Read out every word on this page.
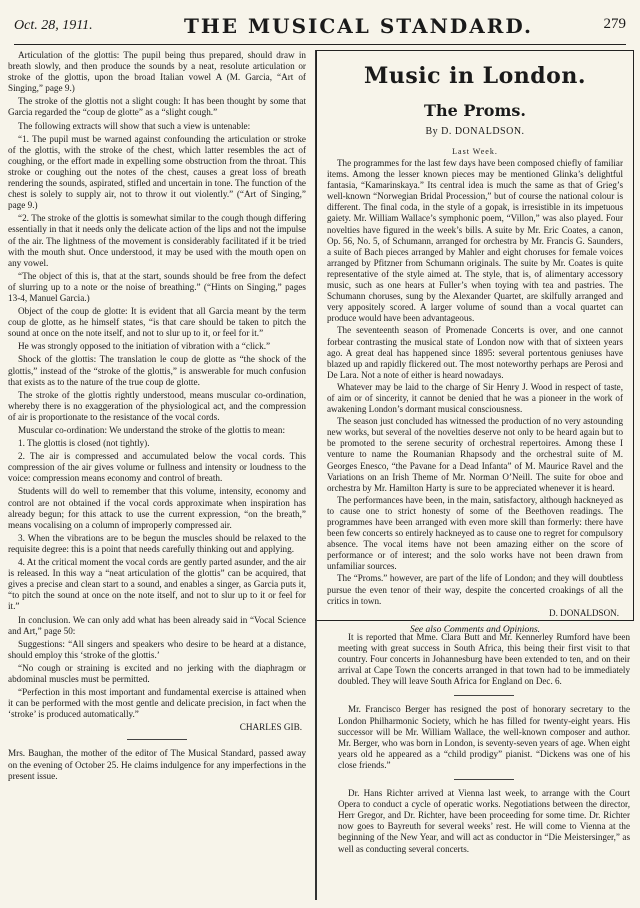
Oct. 28, 1911.	THE MUSICAL STANDARD.	279

Articulation of the glottis: The pupil being thus prepared, should draw in breath slowly, and then produce the sounds by a neat, resolute articulation or stroke of the glottis, upon the broad Italian vowel A (M. Garcia, “Art of Singing,” page 9.)

The stroke of the glottis not a slight cough: It has been thought by some that Garcia regarded the “coup de glotte” as a “slight cough.”

The following extracts will show that such a view is untenable:

“1. The pupil must be warned against confounding the articulation or stroke of the glottis, with the stroke of the chest, which latter resembles the act of coughing, or the effort made in expelling some obstruction from the throat. This stroke or coughing out the notes of the chest, causes a great loss of breath rendering the sounds, aspirated, stifled and uncertain in tone. The function of the chest is solely to supply air, not to throw it out violently.” (“Art of Singing,” page 9.)

“2. The stroke of the glottis is somewhat similar to the cough though differing essentially in that it needs only the delicate action of the lips and not the impulse of the air. The lightness of the movement is considerably facilitated if it be tried with the mouth shut. Once understood, it may be used with the mouth open on any vowel.

“The object of this is, that at the start, sounds should be free from the defect of slurring up to a note or the noise of breathing.” (“Hints on Singing,” pages 13-4, Manuel Garcia.)

Object of the coup de glotte: It is evident that all Garcia meant by the term coup de glotte, as he himself states, “is that care should be taken to pitch the sound at once on the note itself, and not to slur up to it, or feel for it.”

He was strongly opposed to the initiation of vibration with a “click.”

Shock of the glottis: The translation le coup de glotte as “the shock of the glottis,” instead of the “stroke of the glottis,” is answerable for much confusion that exists as to the nature of the true coup de glotte.

The stroke of the glottis rightly understood, means muscular co-ordination, whereby there is no exaggeration of the physiological act, and the compression of air is proportionate to the resistance of the vocal cords.

Muscular co-ordination: We understand the stroke of the glottis to mean:

1. The glottis is closed (not tightly).

2. The air is compressed and accumulated below the vocal cords. This compression of the air gives volume or fullness and intensity or loudness to the voice: compression means economy and control of breath.

Students will do well to remember that this volume, intensity, economy and control are not obtained if the vocal cords approximate when inspiration has already begun; for this attack to use the current expression, “on the breath,” means vocalising on a column of improperly compressed air.

3. When the vibrations are to be begun the muscles should be relaxed to the requisite degree: this is a point that needs carefully thinking out and applying.

4. At the critical moment the vocal cords are gently parted asunder, and the air is released. In this way a “neat articulation of the glottis” can be acquired, that gives a precise and clean start to a sound, and enables a singer, as Garcia puts it, “to pitch the sound at once on the note itself, and not to slur up to it or feel for it.”

In conclusion. We can only add what has been already said in “Vocal Science and Art,” page 50:

Suggestions: “All singers and speakers who desire to be heard at a distance, should employ this ‘stroke of the glottis.’

“No cough or straining is excited and no jerking with the diaphragm or abdominal muscles must be permitted.

“Perfection in this most important and fundamental exercise is attained when it can be performed with the most gentle and delicate precision, in fact when the ‘stroke’ is produced automatically.”

CHARLES GIB.

Mrs. Baughan, the mother of the editor of The Musical Standard, passed away on the evening of October 25. He claims indulgence for any imperfections in the present issue.

Music in London.
The Proms.
By D. DONALDSON.
Last Week.

The programmes for the last few days have been composed chiefly of familiar items. Among the lesser known pieces may be mentioned Glinka’s delightful fantasia, “Kamarinskaya.” Its central idea is much the same as that of Grieg’s well-known “Norwegian Bridal Procession,” but of course the national colour is different. The final coda, in the style of a gopak, is irresistible in its impetuous gaiety. Mr. William Wallace’s symphonic poem, “Villon,” was also played. Four novelties have figured in the week’s bills. A suite by Mr. Eric Coates, a canon, Op. 56, No. 5, of Schumann, arranged for orchestra by Mr. Francis G. Saunders, a suite of Bach pieces arranged by Mahler and eight choruses for female voices arranged by Pfitzner from Schumann originals. The suite by Mr. Coates is quite representative of the style aimed at. The style, that is, of alimentary accessory music, such as one hears at Fuller’s when toying with tea and pastries. The Schumann choruses, sung by the Alexander Quartet, are skilfully arranged and very appositely scored. A larger volume of sound than a vocal quartet can produce would have been advantageous.

The seventeenth season of Promenade Concerts is over, and one cannot forbear contrasting the musical state of London now with that of sixteen years ago. A great deal has happened since 1895: several portentous geniuses have blazed up and rapidly flickered out. The most noteworthy perhaps are Perosi and De Lara. Not a note of either is heard nowadays.

Whatever may be laid to the charge of Sir Henry J. Wood in respect of taste, of aim or of sincerity, it cannot be denied that he was a pioneer in the work of awakening London’s dormant musical consciousness.

The season just concluded has witnessed the production of no very astounding new works, but several of the novelties deserve not only to be heard again but to be promoted to the serene security of orchestral repertoires. Among these I venture to name the Roumanian Rhapsody and the orchestral suite of M. Georges Enesco, “the Pavane for a Dead Infanta” of M. Maurice Ravel and the Variations on an Irish Theme of Mr. Norman O’Neill. The suite for oboe and orchestra by Mr. Hamilton Harty is sure to be appreciated whenever it is heard.

The performances have been, in the main, satisfactory, although hackneyed as to cause one to strict honesty of some of the Beethoven readings. The programmes have been arranged with even more skill than formerly: there have been few concerts so entirely hackneyed as to cause one to regret for compulsory absence. The vocal items have not been amazing either on the score of performance or of interest; and the solo works have not been drawn from unfamiliar sources.

The “Proms.” however, are part of the life of London; and they will doubtless pursue the even tenor of their way, despite the concerted croakings of all the critics in town.

D. DONALDSON.
See also Comments and Opinions.

It is reported that Mme. Clara Butt and Mr. Kennerley Rumford have been meeting with great success in South Africa, this being their first visit to that country. Four concerts in Johannesburg have been extended to ten, and on their arrival at Cape Town the concerts arranged in that town had to be immediately doubled. They will leave South Africa for England on Dec. 6.

Mr. Francisco Berger has resigned the post of honorary secretary to the London Philharmonic Society, which he has filled for twenty-eight years. His successor will be Mr. William Wallace, the well-known composer and author. Mr. Berger, who was born in London, is seventy-seven years of age. When eight years old he appeared as a “child prodigy” pianist. “Dickens was one of his close friends.”

Dr. Hans Richter arrived at Vienna last week, to arrange with the Court Opera to conduct a cycle of operatic works. Negotiations between the director, Herr Gregor, and Dr. Richter, have been proceeding for some time. Dr. Richter now goes to Bayreuth for several weeks’ rest. He will come to Vienna at the beginning of the New Year, and will act as conductor in “Die Meistersinger,” as well as conducting several concerts.
